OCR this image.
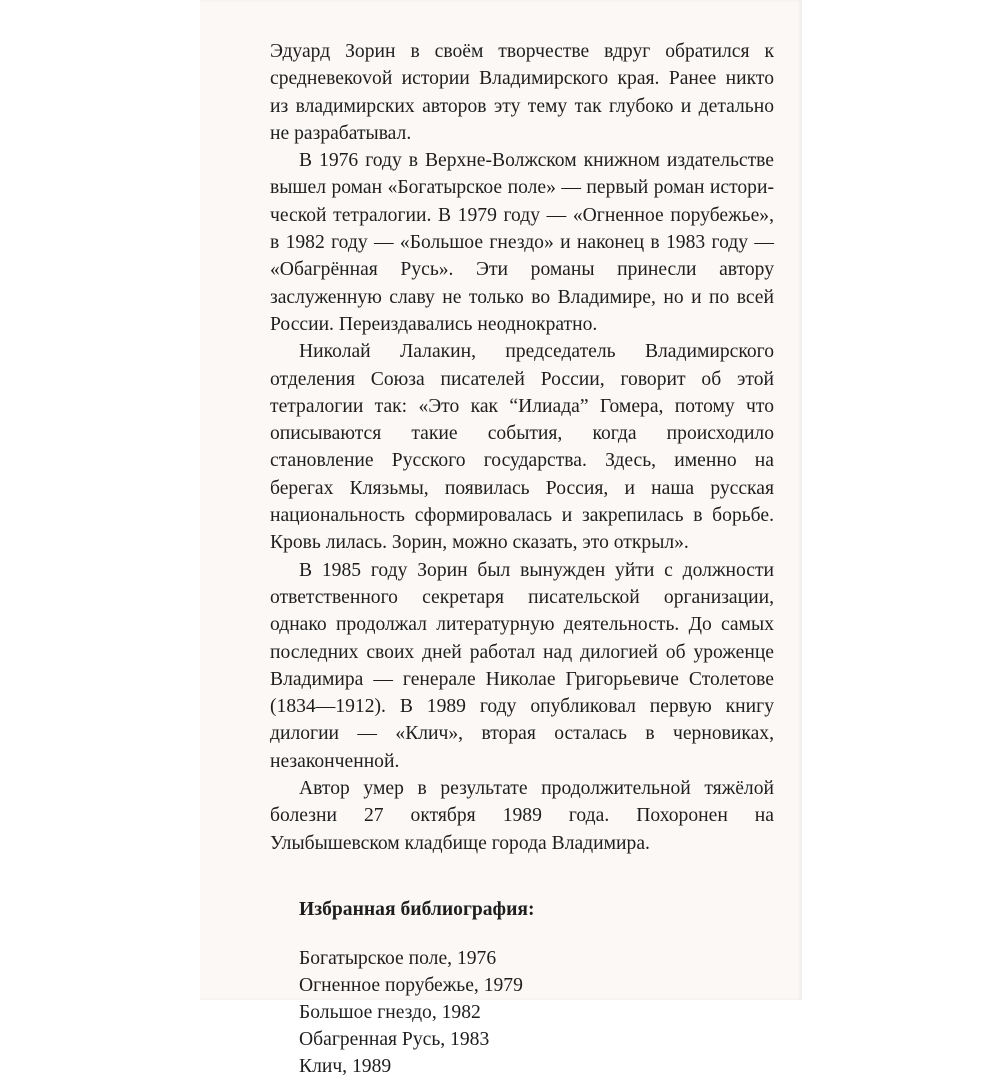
Эдуард Зорин в своём творчестве вдруг обратился к средневекоvой истории Владимирского края. Ранее никто из владимирских авторов эту тему так глубоко и детально не разрабатывал.

В 1976 году в Верхне-Волжском книжном издательстве вышел роман «Богатырское поле» — первый роман исторической тетралогии. В 1979 году — «Огненное порубежье», в 1982 году — «Большое гнездо» и наконец в 1983 году — «Обагрённая Русь». Эти романы принесли автору заслуженную славу не только во Владимире, но и по всей России. Переиздавались неоднократно.

Николай Лалакин, председатель Владимирского отделения Союза писателей России, говорит об этой тетралогии так: «Это как “Илиада” Гомера, потому что описываются такие события, когда происходило становление Русского государства. Здесь, именно на берегах Клязьмы, появилась Россия, и наша русская национальность сформировалась и закрепилась в борьбе. Кровь лилась. Зорин, можно сказать, это открыл».

В 1985 году Зорин был вынужден уйти с должности ответственного секретаря писательской организации, однако продолжал литературную деятельность. До самых последних своих дней работал над дилогией об уроженце Владимира — генерале Николае Григорьевиче Столетове (1834—1912). В 1989 году опубликовал первую книгу дилогии — «Клич», вторая осталась в черновиках, незаконченной.

Автор умер в результате продолжительной тяжёлой болезни 27 октября 1989 года. Похоронен на Улыбышевском кладбище города Владимира.

Избранная библиография:
Богатырское поле, 1976
Огненное порубежье, 1979
Большое гнездо, 1982
Обагренная Русь, 1983
Клич, 1989
